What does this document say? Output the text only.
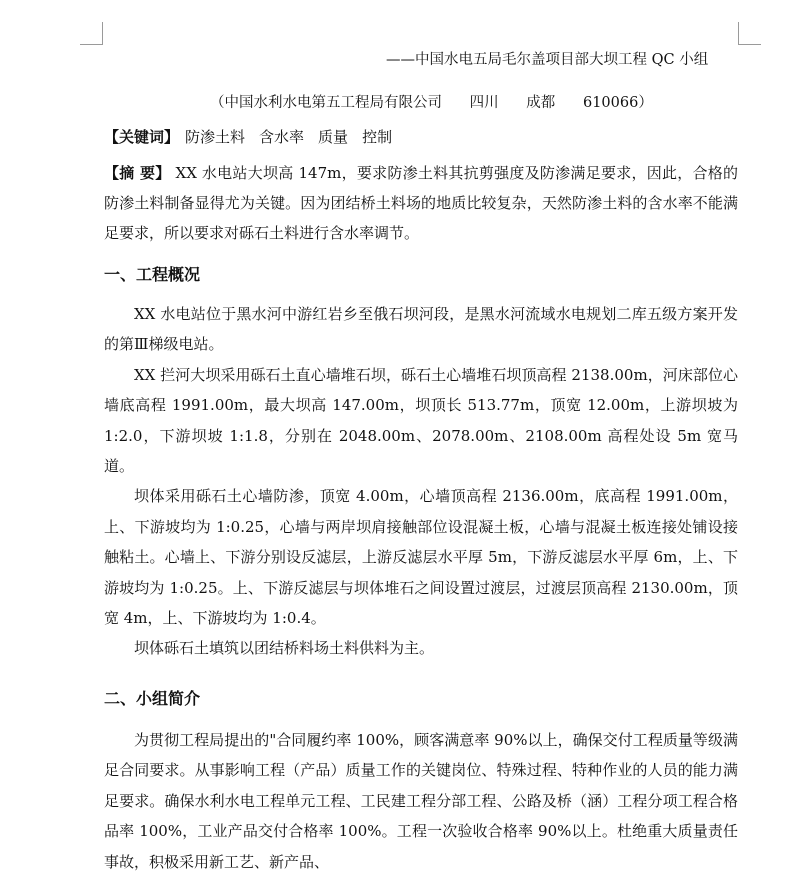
——中国水电五局毛尔盖项目部大坝工程 QC 小组
（中国水利水电第五工程局有限公司      四川      成都      610066）
【关键词】 防渗土料 含水率 质量 控制
【摘 要】 XX 水电站大坝高 147m，要求防渗土料其抗剪强度及防渗满足要求，因此，合格的防渗土料制备显得尤为关键。因为团结桥土料场的地质比较复杂，天然防渗土料的含水率不能满足要求，所以要求对砾石土料进行含水率调节。
一、工程概况

XX 水电站位于黑水河中游红岩乡至俄石坝河段，是黑水河流域水电规划二库五级方案开发的第Ⅲ梯级电站。

XX 拦河大坝采用砾石土直心墙堆石坝，砾石土心墙堆石坝顶高程 2138.00m，河床部位心墙底高程 1991.00m，最大坝高 147.00m，坝顶长 513.77m，顶宽 12.00m，上游坝坡为 1:2.0，下游坝坡 1:1.8，分别在 2048.00m、2078.00m、2108.00m 高程处设 5m 宽马道。

坝体采用砾石土心墙防渗，顶宽 4.00m，心墙顶高程 2136.00m，底高程 1991.00m，上、下游坡均为 1:0.25，心墙与两岸坝肩接触部位设混凝土板，心墙与混凝土板连接处铺设接触粘土。心墙上、下游分别设反滤层，上游反滤层水平厚 5m，下游反滤层水平厚 6m，上、下游坡均为 1:0.25。上、下游反滤层与坝体堆石之间设置过渡层，过渡层顶高程 2130.00m，顶宽 4m，上、下游坡均为 1:0.4。

坝体砾石土填筑以团结桥料场土料供料为主。

二、小组简介

为贯彻工程局提出的"合同履约率 100%，顾客满意率 90%以上，确保交付工程质量等级满足合同要求。从事影响工程（产品）质量工作的关键岗位、特殊过程、特种作业的人员的能力满足要求。确保水利水电工程单元工程、工民建工程分部工程、公路及桥（涵）工程分项工程合格品率 100%，工业产品交付合格率 100%。工程一次验收合格率 90%以上。杜绝重大质量责任事故，积极采用新工艺、新产品、
